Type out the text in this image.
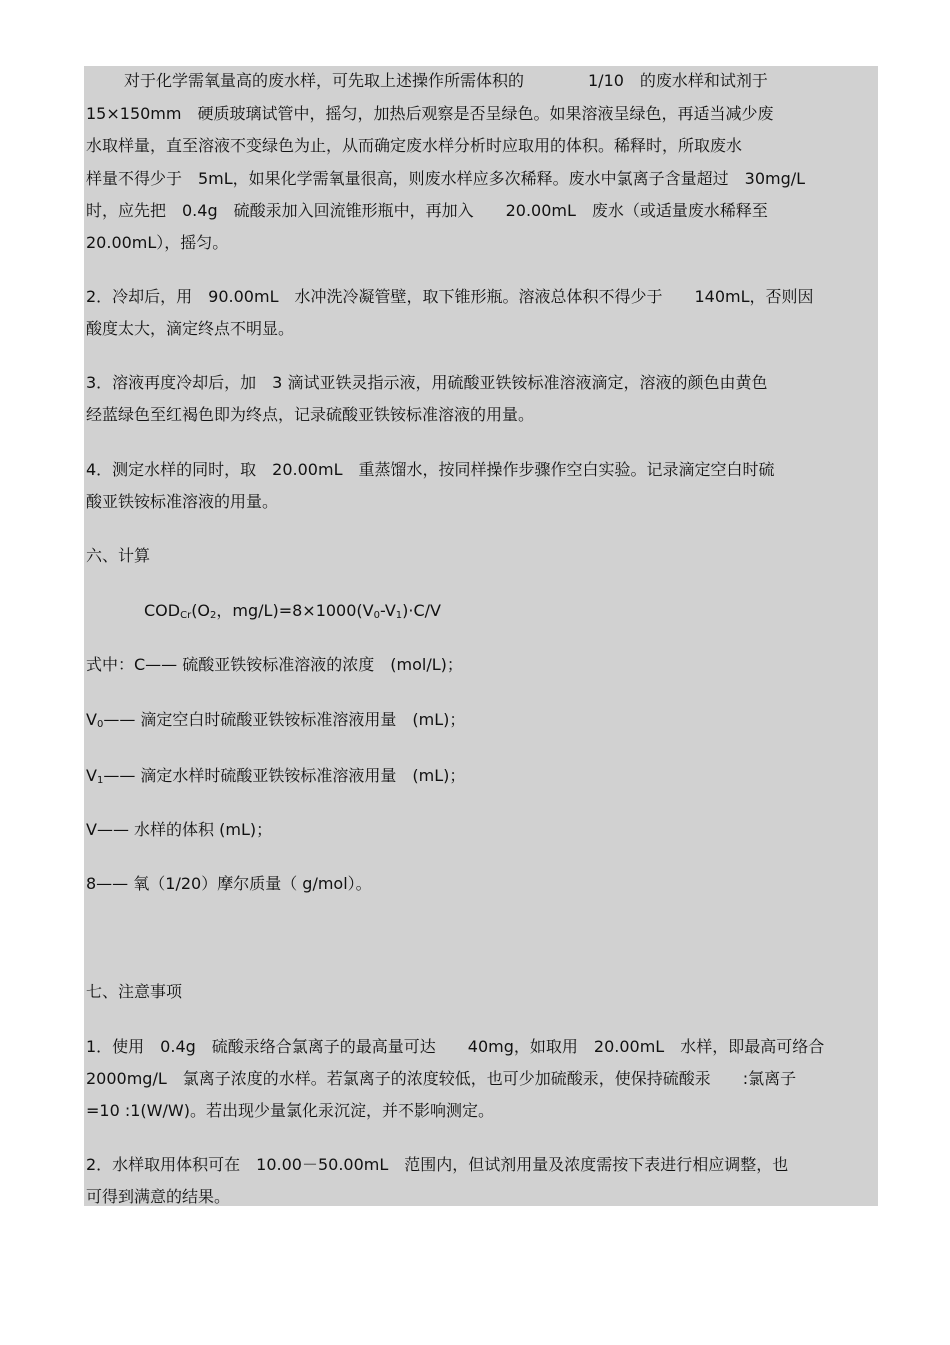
对于化学需氧量高的废水样，可先取上述操作所需体积的　　　　1/10　的废水样和试剂于

15×150mm　硬质玻璃试管中，摇匀，加热后观察是否呈绿色。如果溶液呈绿色，再适当减少废

水取样量，直至溶液不变绿色为止，从而确定废水样分析时应取用的体积。稀释时，所取废水

样量不得少于　5mL，如果化学需氧量很高，则废水样应多次稀释。废水中氯离子含量超过　30mg/L

时，应先把　0.4g　硫酸汞加入回流锥形瓶中，再加入　　20.00mL　废水（或适量废水稀释至

20.00mL），摇匀。

2．冷却后，用　90.00mL　水冲洗冷凝管壁，取下锥形瓶。溶液总体积不得少于　　140mL，否则因

酸度太大，滴定终点不明显。

3．溶液再度冷却后，加　3 滴试亚铁灵指示液，用硫酸亚铁铵标准溶液滴定，溶液的颜色由黄色

经蓝绿色至红褐色即为终点，记录硫酸亚铁铵标准溶液的用量。

4．测定水样的同时，取　20.00mL　重蒸馏水，按同样操作步骤作空白实验。记录滴定空白时硫

酸亚铁铵标准溶液的用量。

六、计算

$COD_{Cr}(O_2$，$mg/L)=8\times 1000(V_0-V_1)\cdot C/V$

式中：C—— 硫酸亚铁铵标准溶液的浓度　(mol/L)；

$V_0——$ 滴定空白时硫酸亚铁铵标准溶液用量　(mL)；

$V_1——$ 滴定水样时硫酸亚铁铵标准溶液用量　(mL)；

V—— 水样的体积 (mL)；

8—— 氧（1/20）摩尔质量（ g/mol）。

七、注意事项

1．使用　0.4g　硫酸汞络合氯离子的最高量可达　　40mg，如取用　20.00mL　水样，即最高可络合

2000mg/L　氯离子浓度的水样。若氯离子的浓度较低，也可少加硫酸汞，使保持硫酸汞　　:氯离子

=10 :1(W/W)。若出现少量氯化汞沉淀，并不影响测定。

2．水样取用体积可在　10.00－50.00mL　范围内，但试剂用量及浓度需按下表进行相应调整，也

可得到满意的结果。
